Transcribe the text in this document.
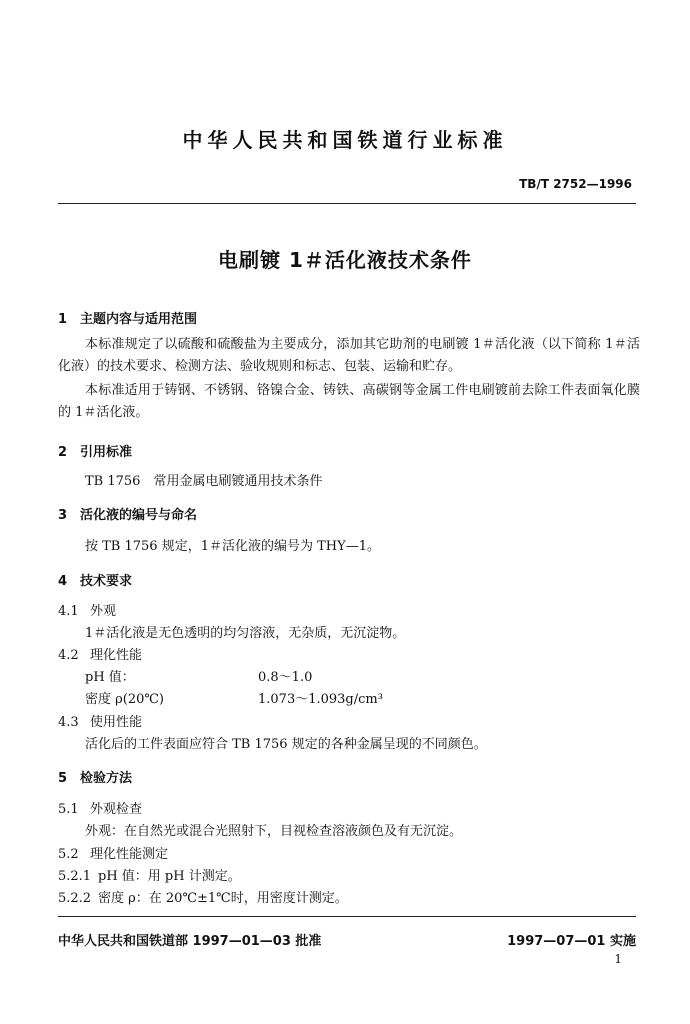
中华人民共和国铁道行业标准
TB/T 2752—1996
电刷镀 1＃活化液技术条件
1 主题内容与适用范围
本标准规定了以硫酸和硫酸盐为主要成分，添加其它助剂的电刷镀 1＃活化液（以下简称 1＃活化液）的技术要求、检测方法、验收规则和标志、包装、运输和贮存。
本标准适用于铸钢、不锈钢、铬镍合金、铸铁、高碳钢等金属工件电刷镀前去除工件表面氧化膜的 1＃活化液。
2 引用标准
TB 1756　常用金属电刷镀通用技术条件
3 活化液的编号与命名
按 TB 1756 规定，1＃活化液的编号为 THY—1。
4 技术要求
4.1 外观
1＃活化液是无色透明的均匀溶液，无杂质，无沉淀物。
4.2 理化性能
pH 值：	0.8～1.0
密度 ρ(20℃)	1.073～1.093g/cm³
4.3 使用性能
活化后的工件表面应符合 TB 1756 规定的各种金属呈现的不同颜色。
5 检验方法
5.1 外观检查
外观：在自然光或混合光照射下，目视检查溶液颜色及有无沉淀。
5.2 理化性能测定
5.2.1 pH 值：用 pH 计测定。
5.2.2 密度 ρ：在 20℃±1℃时，用密度计测定。
中华人民共和国铁道部 1997—01—03 批准	1997—07—01 实施
1
